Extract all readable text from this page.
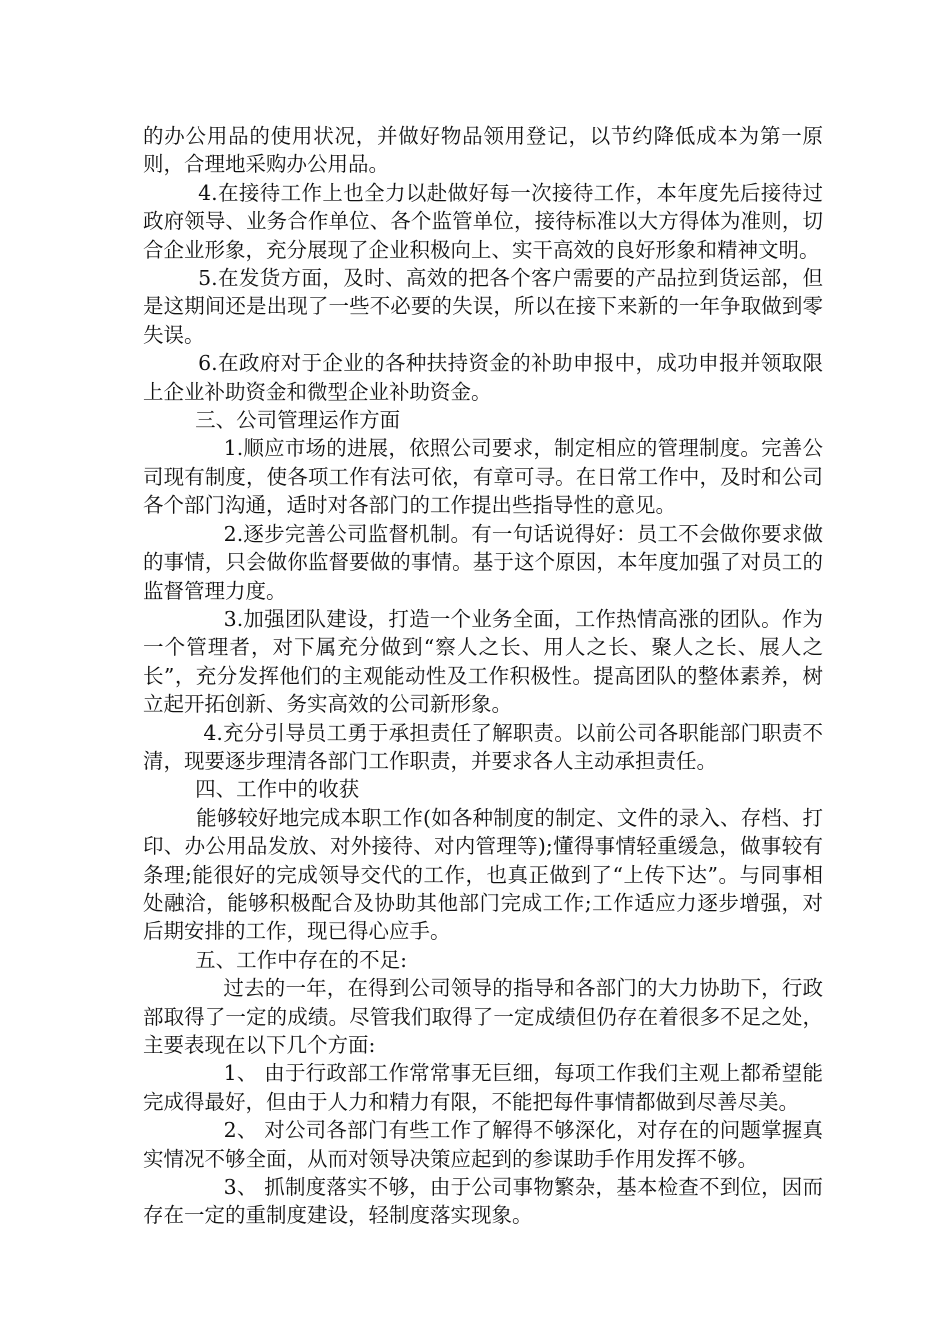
的办公用品的使用状况，并做好物品领用登记，以节约降低成本为第一原则，合理地采购办公用品。

4.在接待工作上也全力以赴做好每一次接待工作，本年度先后接待过政府领导、业务合作单位、各个监管单位，接待标准以大方得体为准则，切合企业形象，充分展现了企业积极向上、实干高效的良好形象和精神文明。

5.在发货方面，及时、高效的把各个客户需要的产品拉到货运部，但是这期间还是出现了一些不必要的失误，所以在接下来新的一年争取做到零失误。

6.在政府对于企业的各种扶持资金的补助申报中，成功申报并领取限上企业补助资金和微型企业补助资金。

三、公司管理运作方面

1.顺应市场的进展，依照公司要求，制定相应的管理制度。完善公司现有制度，使各项工作有法可依，有章可寻。在日常工作中，及时和公司各个部门沟通，适时对各部门的工作提出些指导性的意见。

2.逐步完善公司监督机制。有一句话说得好：员工不会做你要求做的事情，只会做你监督要做的事情。基于这个原因，本年度加强了对员工的监督管理力度。

3.加强团队建设，打造一个业务全面，工作热情高涨的团队。作为一个管理者，对下属充分做到“察人之长、用人之长、聚人之长、展人之长”，充分发挥他们的主观能动性及工作积极性。提高团队的整体素养，树立起开拓创新、务实高效的公司新形象。

4.充分引导员工勇于承担责任了解职责。以前公司各职能部门职责不清，现要逐步理清各部门工作职责，并要求各人主动承担责任。

四、工作中的收获

能够较好地完成本职工作(如各种制度的制定、文件的录入、存档、打印、办公用品发放、对外接待、对内管理等);懂得事情轻重缓急，做事较有条理;能很好的完成领导交代的工作，也真正做到了“上传下达”。与同事相处融洽，能够积极配合及协助其他部门完成工作;工作适应力逐步增强，对后期安排的工作，现已得心应手。

五、工作中存在的不足:

过去的一年，在得到公司领导的指导和各部门的大力协助下，行政部取得了一定的成绩。尽管我们取得了一定成绩但仍存在着很多不足之处，主要表现在以下几个方面:

1、 由于行政部工作常常事无巨细，每项工作我们主观上都希望能完成得最好，但由于人力和精力有限，不能把每件事情都做到尽善尽美。

2、 对公司各部门有些工作了解得不够深化，对存在的问题掌握真实情况不够全面，从而对领导决策应起到的参谋助手作用发挥不够。

3、 抓制度落实不够，由于公司事物繁杂，基本检查不到位，因而存在一定的重制度建设，轻制度落实现象。
